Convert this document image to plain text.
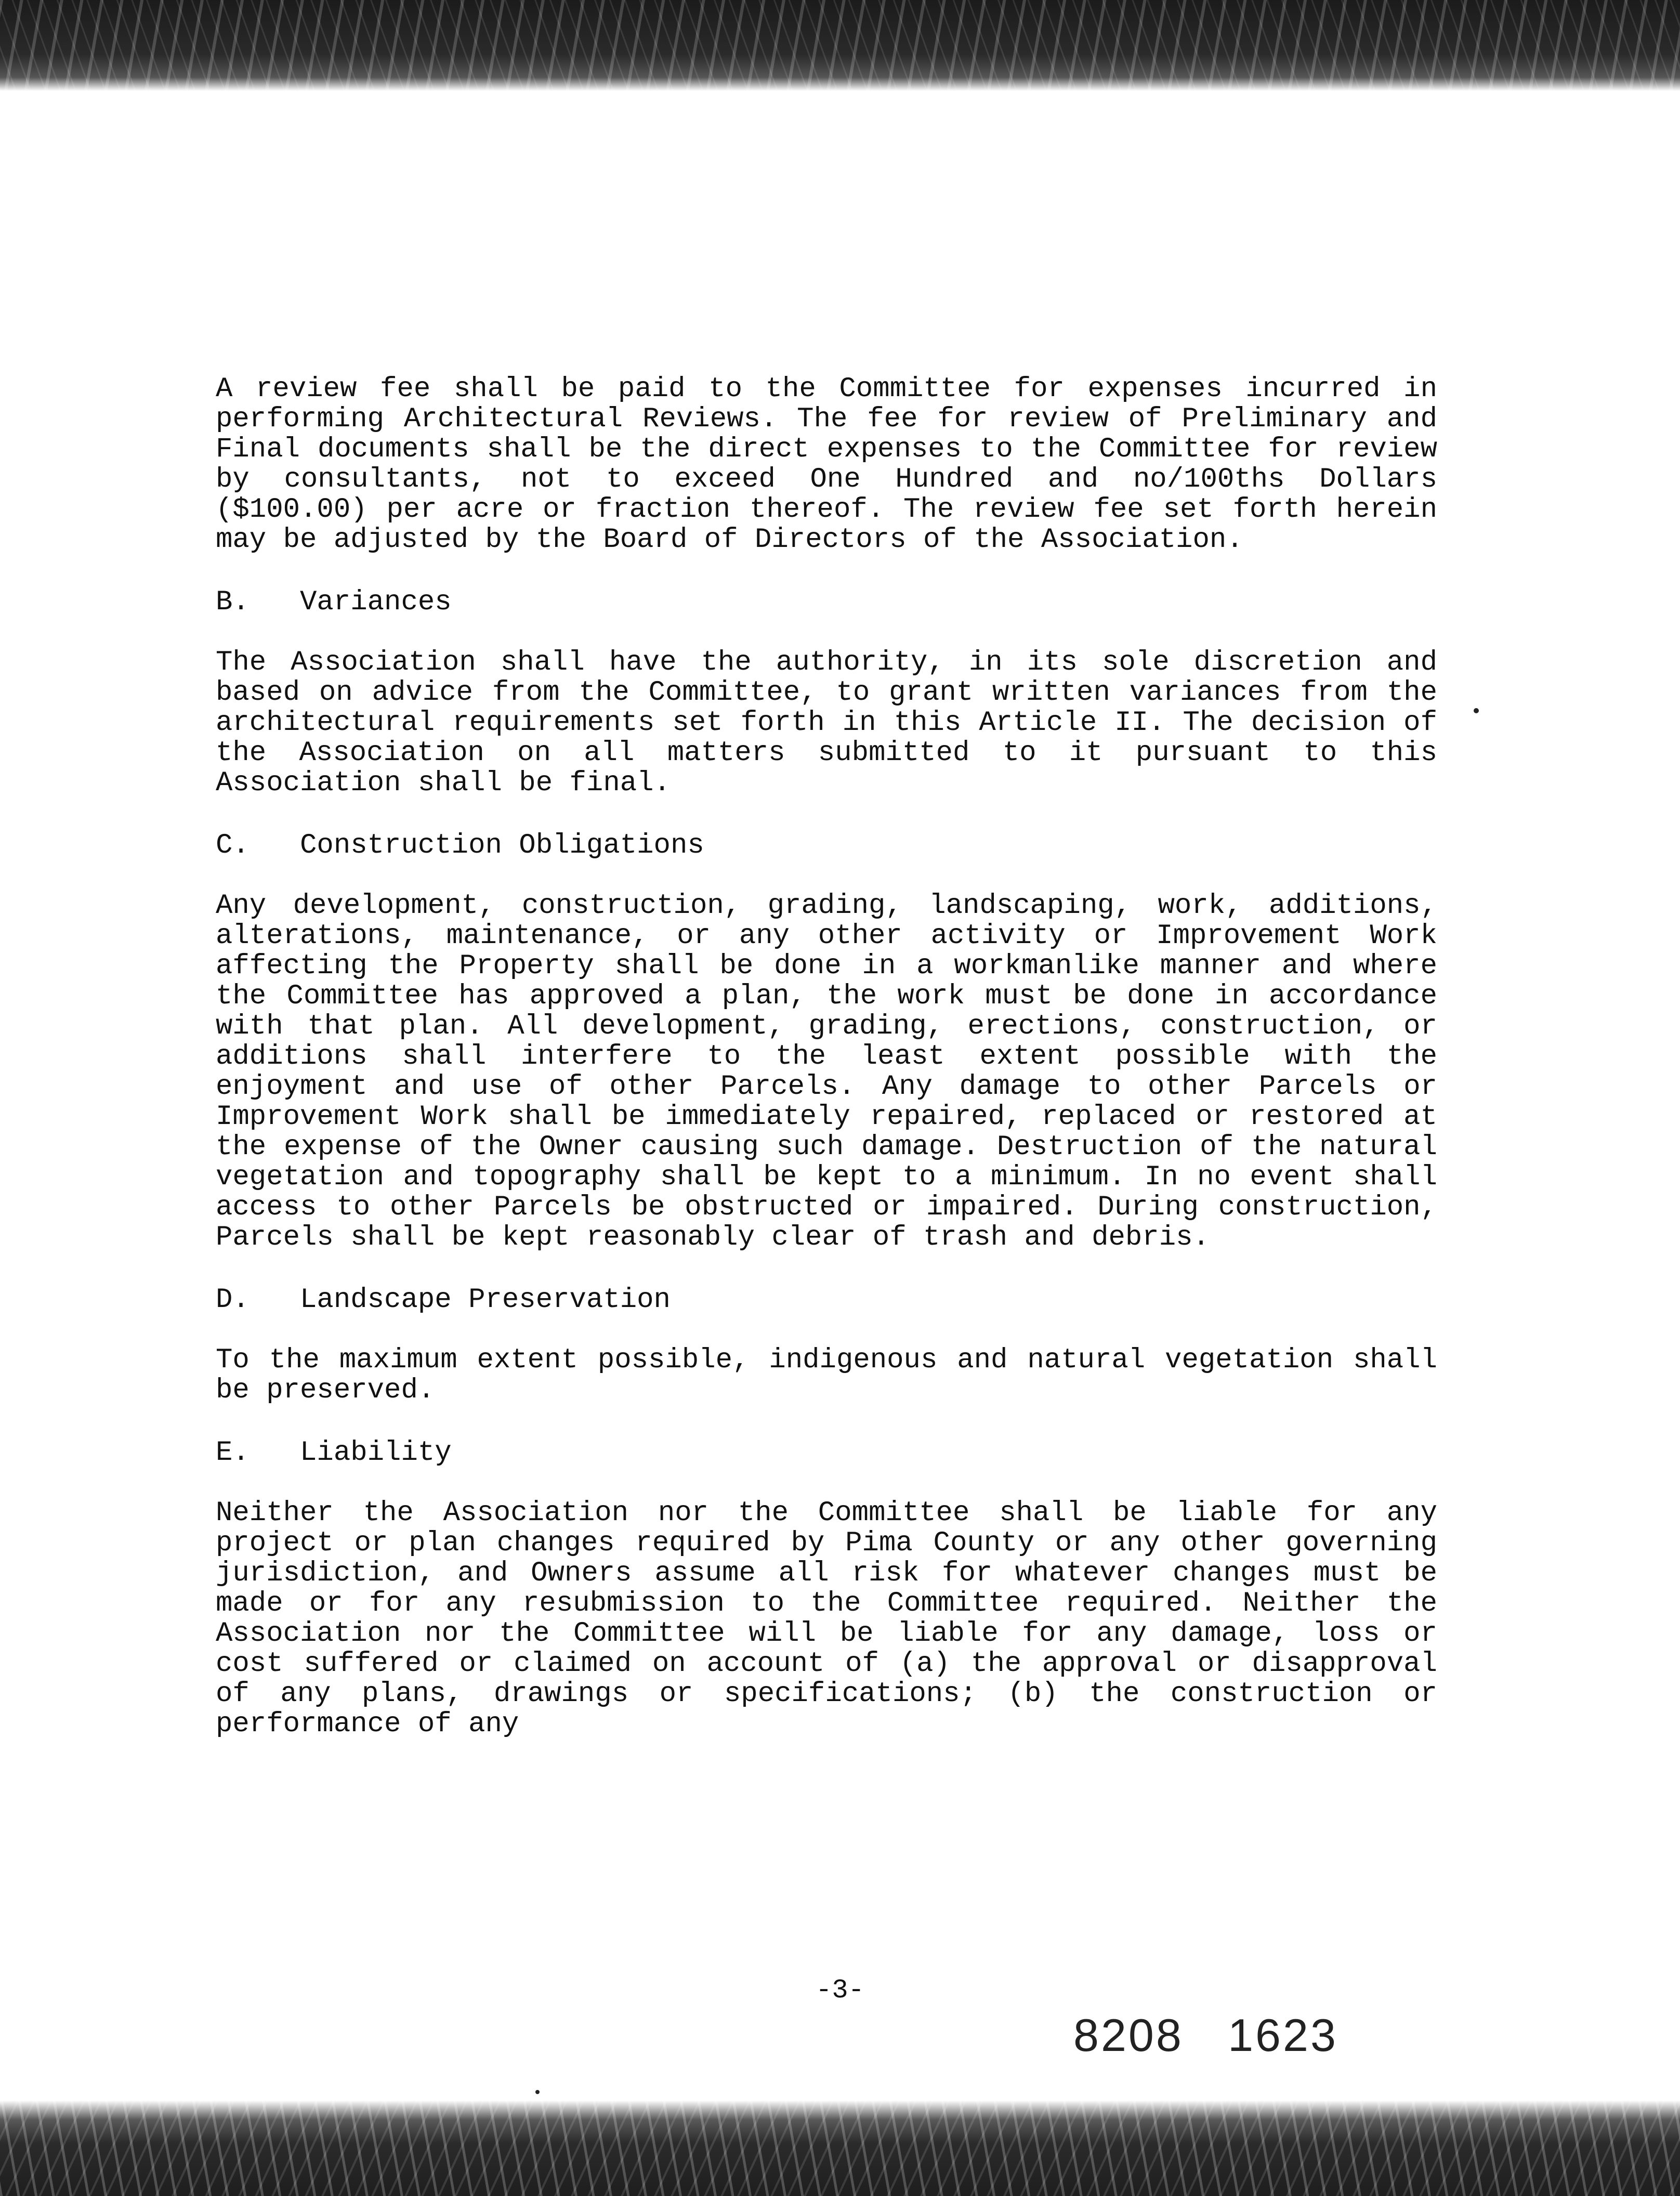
A review fee shall be paid to the Committee for expenses incurred in performing Architectural Reviews. The fee for review of Preliminary and Final documents shall be the direct expenses to the Committee for review by consultants, not to exceed One Hundred and no/100ths Dollars ($100.00) per acre or fraction thereof. The review fee set forth herein may be adjusted by the Board of Directors of the Association.

B. Variances

The Association shall have the authority, in its sole discretion and based on advice from the Committee, to grant written variances from the architectural requirements set forth in this Article II. The decision of the Association on all matters submitted to it pursuant to this Association shall be final.

C. Construction Obligations

Any development, construction, grading, landscaping, work, additions, alterations, maintenance, or any other activity or Improvement Work affecting the Property shall be done in a workmanlike manner and where the Committee has approved a plan, the work must be done in accordance with that plan. All development, grading, erections, construction, or additions shall interfere to the least extent possible with the enjoyment and use of other Parcels. Any damage to other Parcels or Improvement Work shall be immediately repaired, replaced or restored at the expense of the Owner causing such damage. Destruction of the natural vegetation and topography shall be kept to a minimum. In no event shall access to other Parcels be obstructed or impaired. During construction, Parcels shall be kept reasonably clear of trash and debris.

D. Landscape Preservation

To the maximum extent possible, indigenous and natural vegetation shall be preserved.

E. Liability

Neither the Association nor the Committee shall be liable for any project or plan changes required by Pima County or any other governing jurisdiction, and Owners assume all risk for whatever changes must be made or for any resubmission to the Committee required. Neither the Association nor the Committee will be liable for any damage, loss or cost suffered or claimed on account of (a) the approval or disapproval of any plans, drawings or specifications; (b) the construction or performance of any

-3-
8208   1623
